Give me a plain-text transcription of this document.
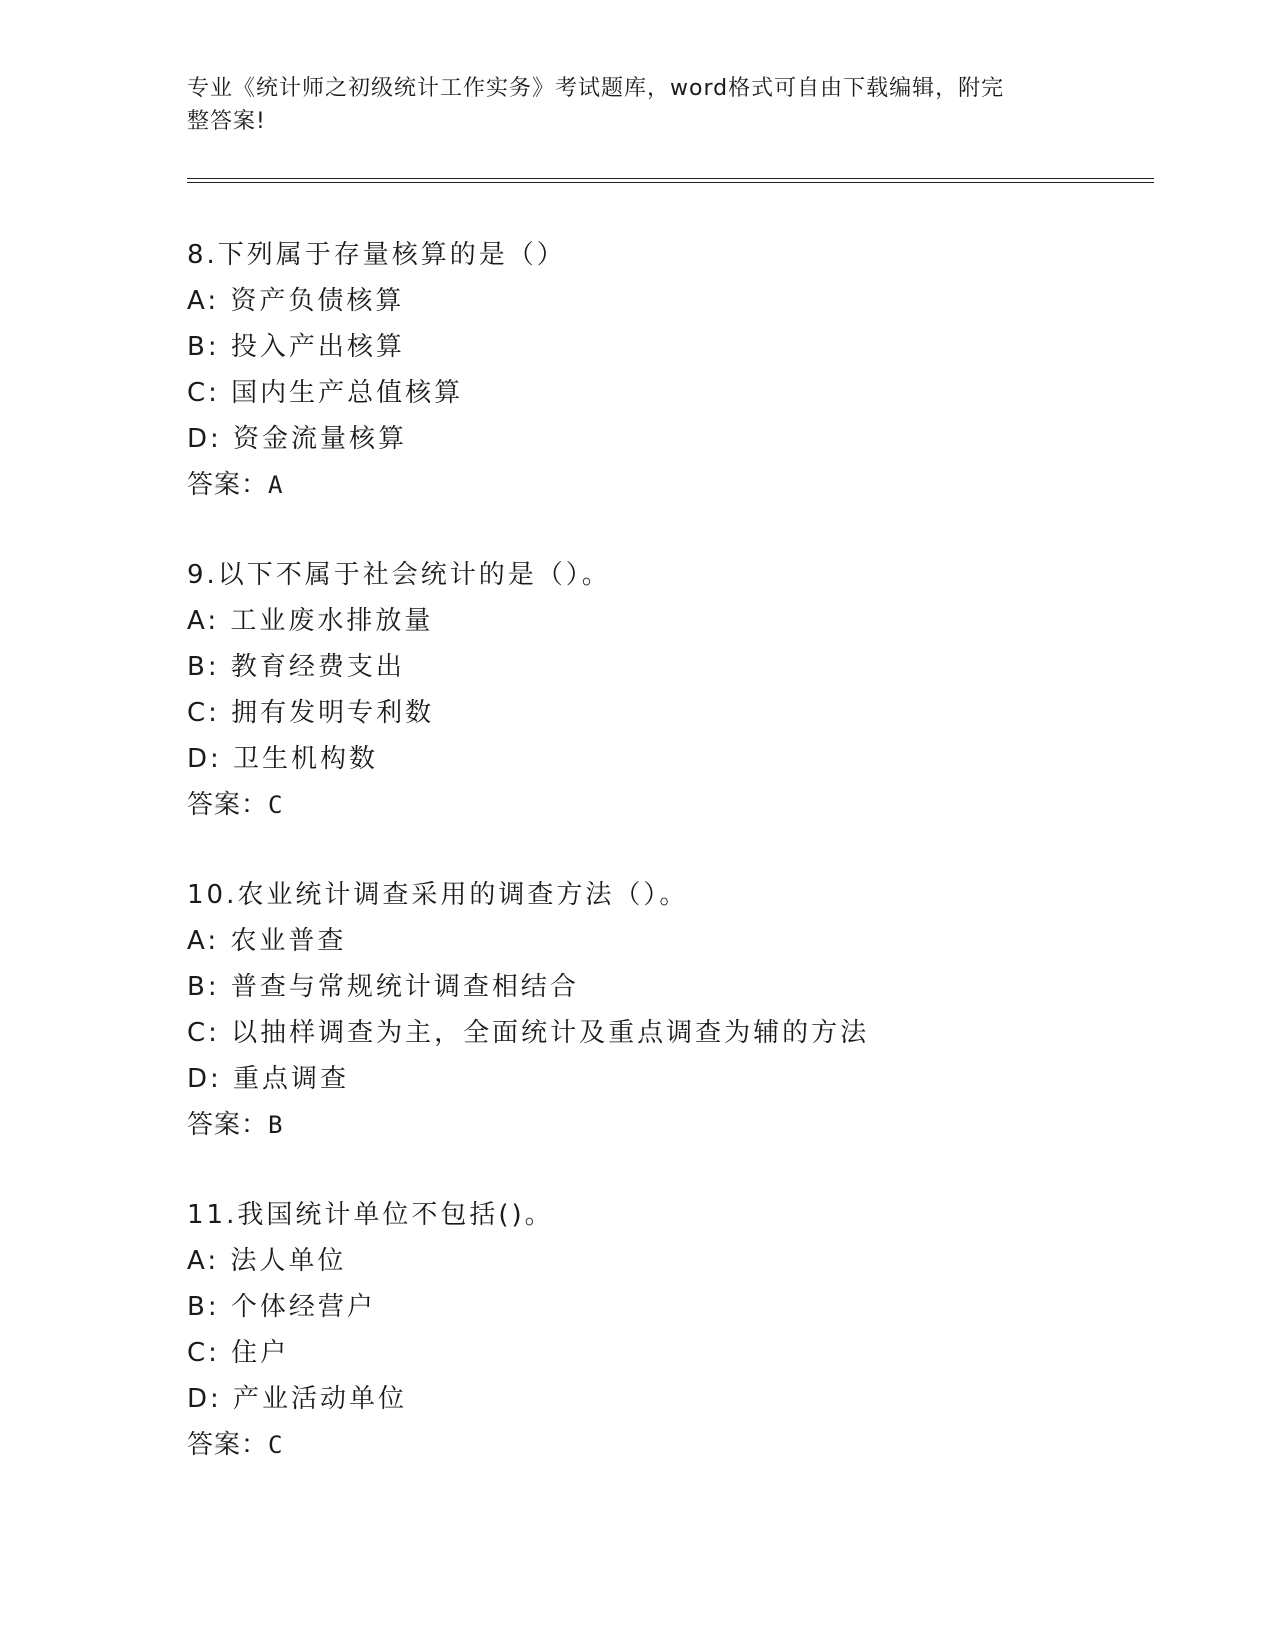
专业《统计师之初级统计工作实务》考试题库，word格式可自由下载编辑，附完
整答案!
8.下列属于存量核算的是（）
A: 资产负债核算
B: 投入产出核算
C: 国内生产总值核算
D: 资金流量核算
答案：A
9.以下不属于社会统计的是（）。
A: 工业废水排放量
B: 教育经费支出
C: 拥有发明专利数
D: 卫生机构数
答案：C
10.农业统计调查采用的调查方法（）。
A: 农业普查
B: 普查与常规统计调查相结合
C: 以抽样调查为主，全面统计及重点调查为辅的方法
D: 重点调查
答案：B
11.我国统计单位不包括()。
A: 法人单位
B: 个体经营户
C: 住户
D: 产业活动单位
答案：C
